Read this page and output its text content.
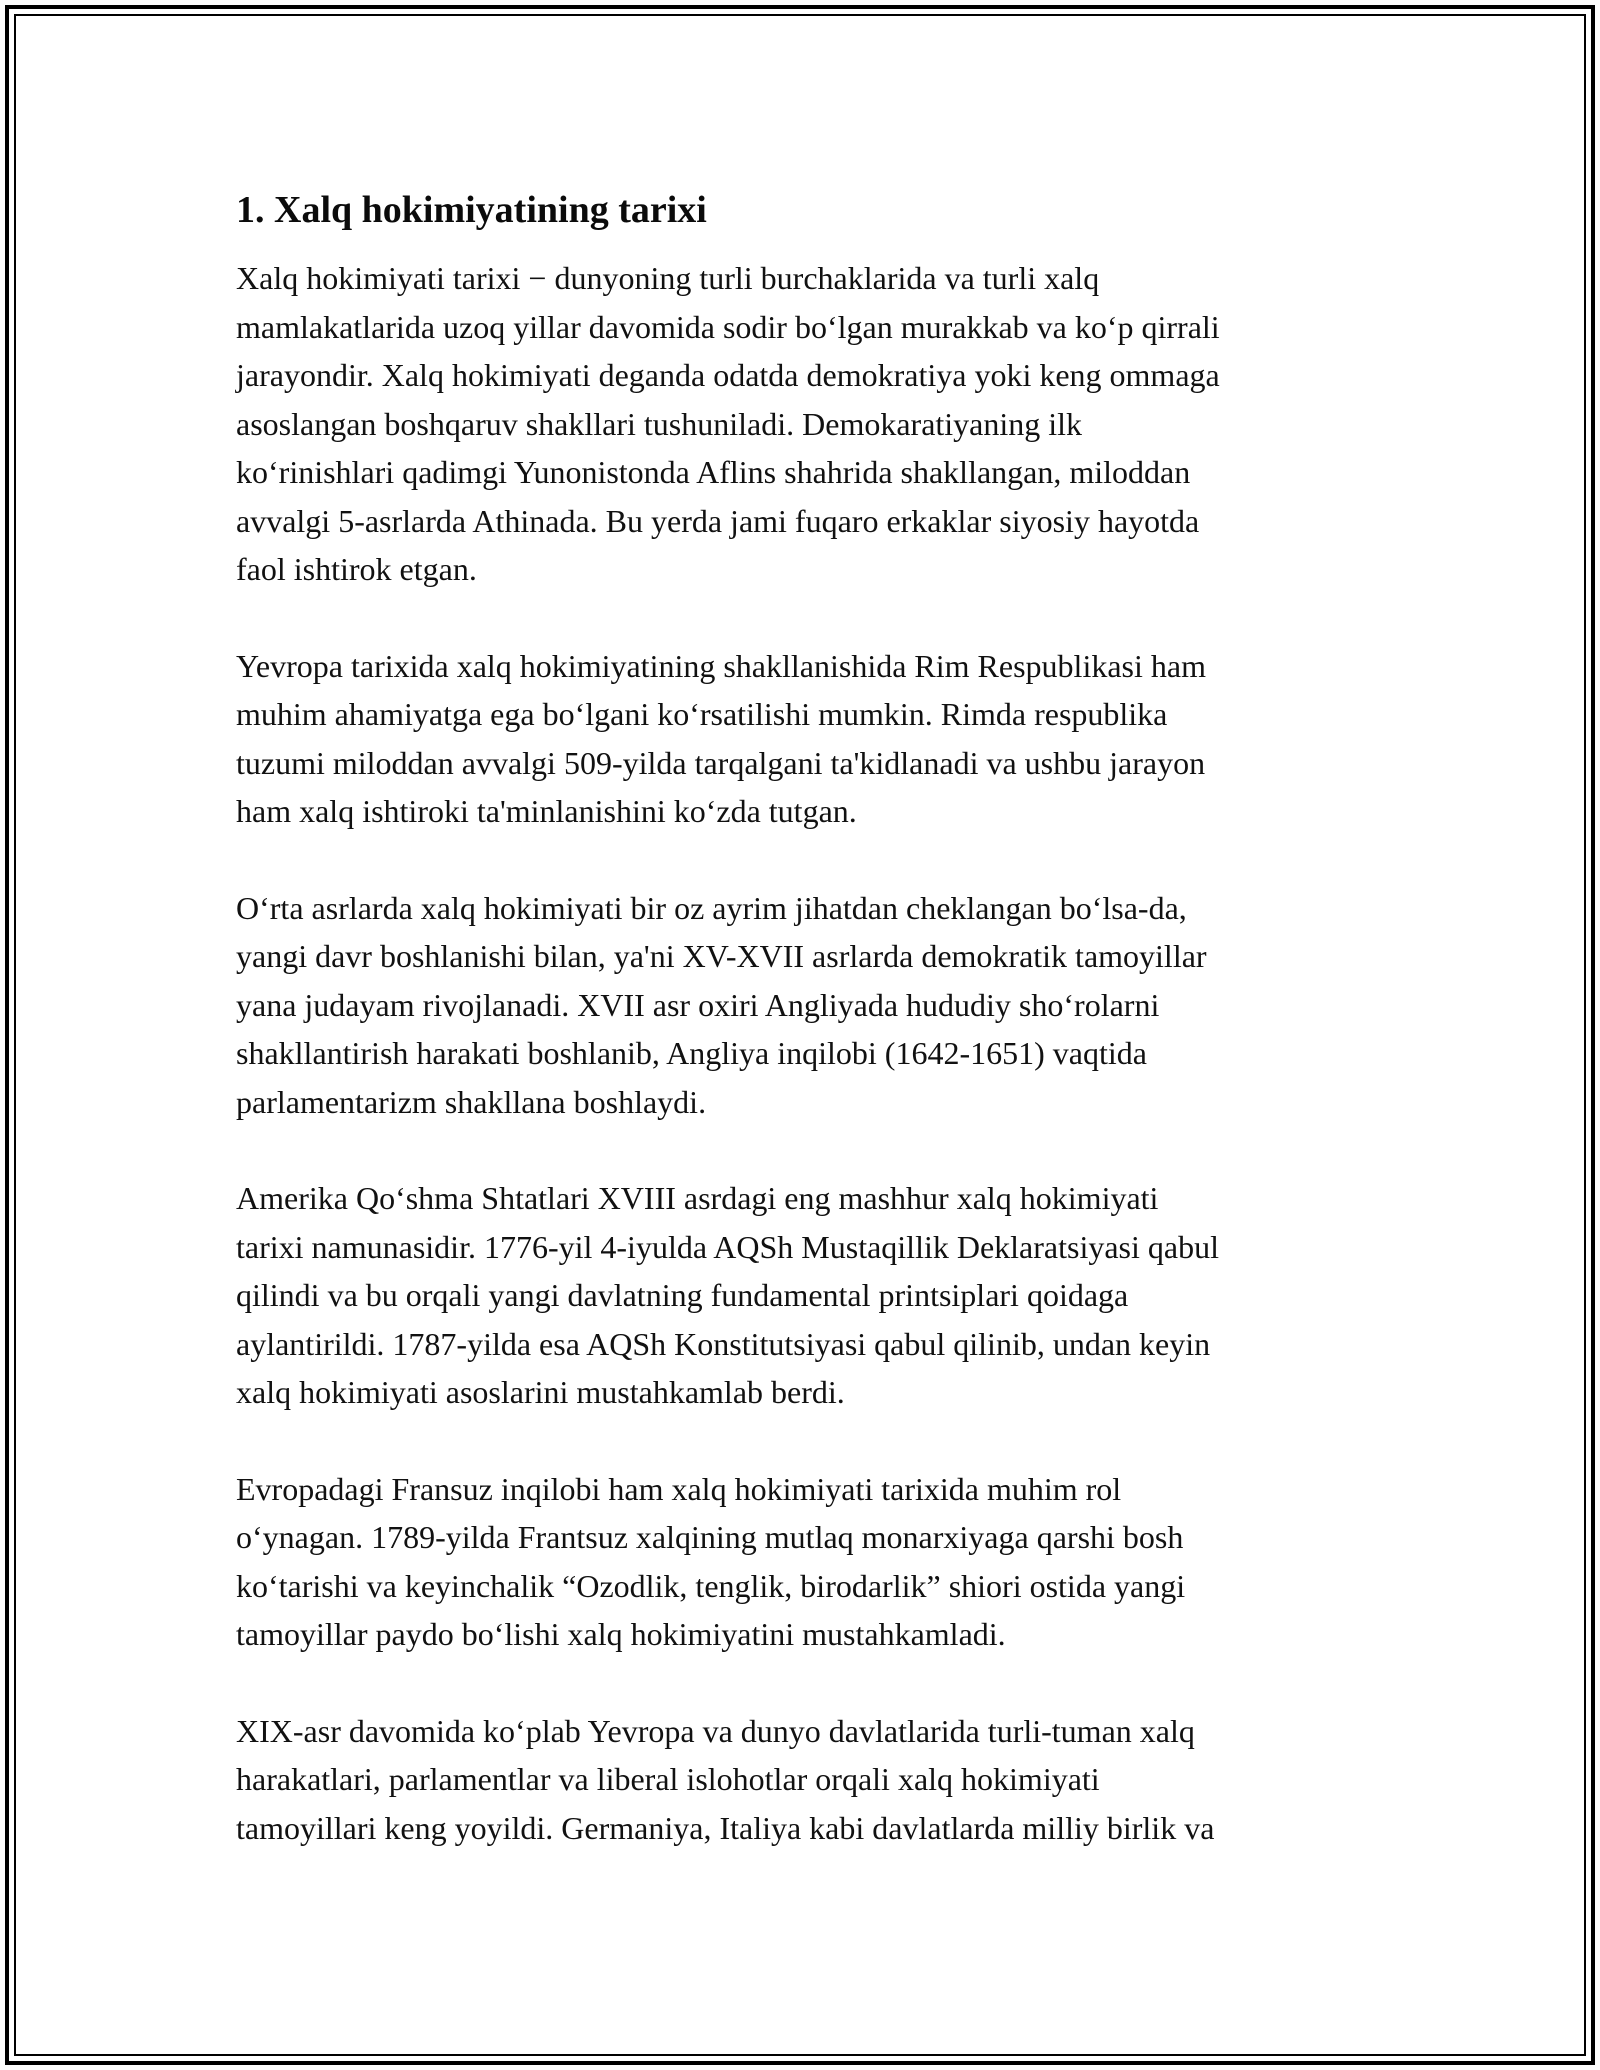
1. Xalq hokimiyatining tarixi

Xalq hokimiyati tarixi − dunyoning turli burchaklarida va turli xalq
mamlakatlarida uzoq yillar davomida sodir boʻlgan murakkab va koʻp qirrali
jarayondir. Xalq hokimiyati deganda odatda demokratiya yoki keng ommaga
asoslangan boshqaruv shakllari tushuniladi. Demokaratiyaning ilk
koʻrinishlari qadimgi Yunonistonda Aflins shahrida shakllangan, miloddan
avvalgi 5-asrlarda Athinada. Bu yerda jami fuqaro erkaklar siyosiy hayotda
faol ishtirok etgan.

Yevropa tarixida xalq hokimiyatining shakllanishida Rim Respublikasi ham
muhim ahamiyatga ega boʻlgani koʻrsatilishi mumkin. Rimda respublika
tuzumi miloddan avvalgi 509-yilda tarqalgani ta'kidlanadi va ushbu jarayon
ham xalq ishtiroki ta'minlanishini koʻzda tutgan.

Oʻrta asrlarda xalq hokimiyati bir oz ayrim jihatdan cheklangan boʻlsa-da,
yangi davr boshlanishi bilan, ya'ni XV-XVII asrlarda demokratik tamoyillar
yana judayam rivojlanadi. XVII asr oxiri Angliyada hududiy shoʻrolarni
shakllantirish harakati boshlanib, Angliya inqilobi (1642-1651) vaqtida
parlamentarizm shakllana boshlaydi.

Amerika Qoʻshma Shtatlari XVIII asrdagi eng mashhur xalq hokimiyati
tarixi namunasidir. 1776-yil 4-iyulda AQSh Mustaqillik Deklaratsiyasi qabul
qilindi va bu orqali yangi davlatning fundamental printsiplari qoidaga
aylantirildi. 1787-yilda esa AQSh Konstitutsiyasi qabul qilinib, undan keyin
xalq hokimiyati asoslarini mustahkamlab berdi.

Evropadagi Fransuz inqilobi ham xalq hokimiyati tarixida muhim rol
oʻynagan. 1789-yilda Frantsuz xalqining mutlaq monarxiyaga qarshi bosh
koʻtarishi va keyinchalik “Ozodlik, tenglik, birodarlik” shiori ostida yangi
tamoyillar paydo boʻlishi xalq hokimiyatini mustahkamladi.

XIX-asr davomida koʻplab Yevropa va dunyo davlatlarida turli-tuman xalq
harakatlari, parlamentlar va liberal islohotlar orqali xalq hokimiyati
tamoyillari keng yoyildi. Germaniya, Italiya kabi davlatlarda milliy birlik va
